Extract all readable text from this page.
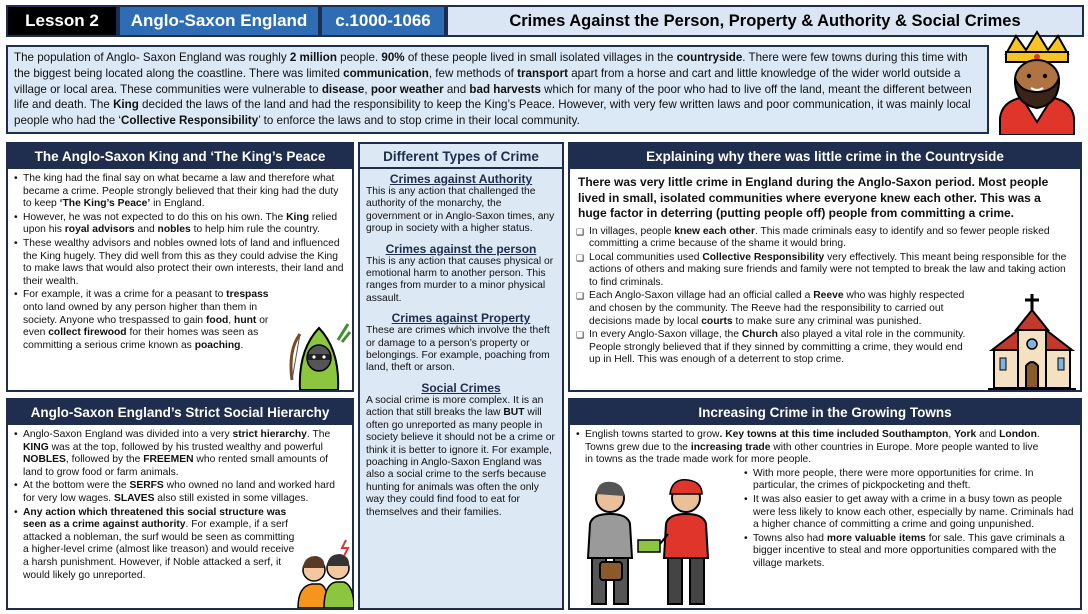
Lesson 2 Anglo-Saxon England c.1000-1066	Crimes Against the Person, Property & Authority & Social Crimes
The population of Anglo- Saxon England was roughly 2 million people. 90% of these people lived in small isolated villages in the countryside. There were few towns during this time with the biggest being located along the coastline. There was limited communication, few methods of transport apart from a horse and cart and little knowledge of the wider world outside a village or local area. These communities were vulnerable to disease, poor weather and bad harvests which for many of the poor who had to live off the land, meant the different between life and death. The King decided the laws of the land and had the responsibility to keep the King’s Peace. However, with very few written laws and poor communication, it was mainly local people who had the ‘Collective Responsibility’ to enforce the laws and to stop crime in their local community.
The Anglo-Saxon King and ‘The King’s Peace
• The king had the final say on what became a law and therefore what became a crime. People strongly believed that their king had the duty to keep ‘The King’s Peace’ in England.
• However, he was not expected to do this on his own. The King relied upon his royal advisors and nobles to help him rule the country.
• These wealthy advisors and nobles owned lots of land and influenced the King hugely. They did well from this as they could advise the King to make laws that would also protect their own interests, their land and their wealth.
• For example, it was a crime for a peasant to trespass onto land owned by any person higher than them in society. Anyone who trespassed to gain food, hunt or even collect firewood for their homes was seen as committing a serious crime known as poaching.
Anglo-Saxon England’s Strict Social Hierarchy
• Anglo-Saxon England was divided into a very strict hierarchy. The KING was at the top, followed by his trusted wealthy and powerful NOBLES, followed by the FREEMEN who rented small amounts of land to grow food or farm animals.
• At the bottom were the SERFS who owned no land and worked hard for very low wages. SLAVES also still existed in some villages.
• Any action which threatened this social structure was seen as a crime against authority. For example, if a serf attacked a nobleman, the surf would be seen as committing a higher-level crime (almost like treason) and would receive a harsh punishment. However, if Noble attacked a serf, it would likely go unreported.
Different Types of Crime
Crimes against Authority
This is any action that challenged the authority of the monarchy, the government or in Anglo-Saxon times, any group in society with a higher status.
Crimes against the person
This is any action that causes physical or emotional harm to another person. This ranges from murder to a minor physical assault.
Crimes against Property
These are crimes which involve the theft or damage to a person’s property or belongings. For example, poaching from land, theft or arson.
Social Crimes
A social crime is more complex. It is an action that still breaks the law BUT will often go unreported as many people in society believe it should not be a crime or think it is better to ignore it. For example, poaching in Anglo-Saxon England was also a social crime to the serfs because hunting for animals was often the only way they could find food to eat for themselves and their families.
Explaining why there was little crime in the Countryside
There was very little crime in England during the Anglo-Saxon period. Most people lived in small, isolated communities where everyone knew each other. This was a huge factor in deterring (putting people off) people from committing a crime.
❑ In villages, people knew each other. This made criminals easy to identify and so fewer people risked committing a crime because of the shame it would bring.
❑ Local communities used Collective Responsibility very effectively. This meant being responsible for the actions of others and making sure friends and family were not tempted to break the law and taking action to find criminals.
❑ Each Anglo-Saxon village had an official called a Reeve who was highly respected and chosen by the community. The Reeve had the responsibility to carried out decisions made by local courts to make sure any criminal was punished.
❑ In every Anglo-Saxon village, the Church also played a vital role in the community. People strongly believed that if they sinned by committing a crime, they would end up in Hell. This was enough of a deterrent to stop crime.
Increasing Crime in the Growing Towns
• English towns started to grow. Key towns at this time included Southampton, York and London. Towns grew due to the increasing trade with other countries in Europe. More people wanted to live in towns as the trade made work for more people.
• With more people, there were more opportunities for crime. In particular, the crimes of pickpocketing and theft.
• It was also easier to get away with a crime in a busy town as people were less likely to know each other, especially by name. Criminals had a higher chance of committing a crime and going unpunished.
• Towns also had more valuable items for sale. This gave criminals a bigger incentive to steal and more opportunities compared with the village markets.
